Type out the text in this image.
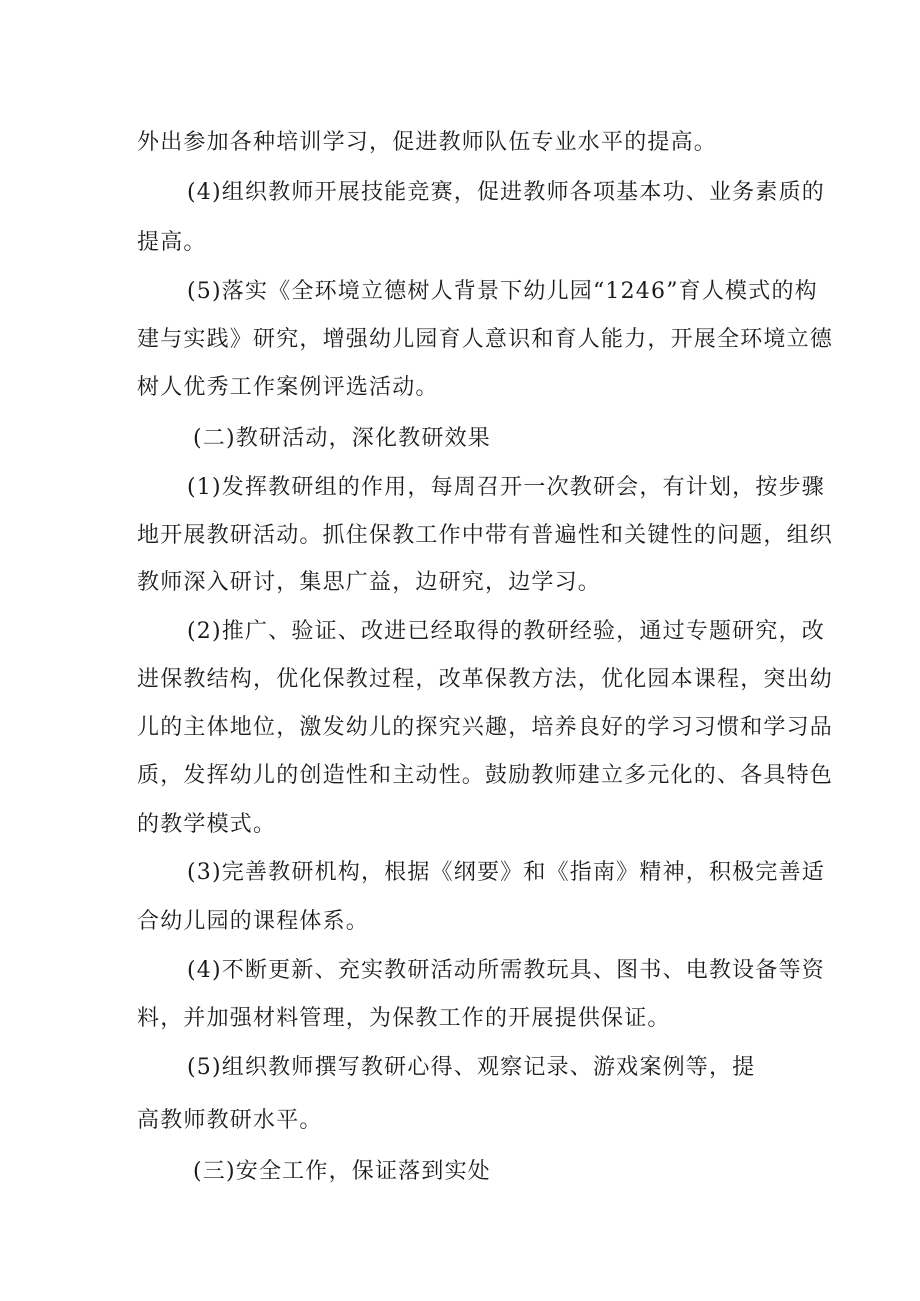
外出参加各种培训学习，促进教师队伍专业水平的提高。
(4)组织教师开展技能竞赛，促进教师各项基本功、业务素质的
提高。
(5)落实《全环境立德树人背景下幼儿园“1246”育人模式的构
建与实践》研究，增强幼儿园育人意识和育人能力，开展全环境立德
树人优秀工作案例评选活动。
(二)教研活动，深化教研效果
(1)发挥教研组的作用，每周召开一次教研会，有计划，按步骤
地开展教研活动。抓住保教工作中带有普遍性和关键性的问题，组织
教师深入研讨，集思广益，边研究，边学习。
(2)推广、验证、改进已经取得的教研经验，通过专题研究，改
进保教结构，优化保教过程，改革保教方法，优化园本课程，突出幼
儿的主体地位，激发幼儿的探究兴趣，培养良好的学习习惯和学习品
质，发挥幼儿的创造性和主动性。鼓励教师建立多元化的、各具特色
的教学模式。
(3)完善教研机构，根据《纲要》和《指南》精神，积极完善适
合幼儿园的课程体系。
(4)不断更新、充实教研活动所需教玩具、图书、电教设备等资
料，并加强材料管理，为保教工作的开展提供保证。
(5)组织教师撰写教研心得、观察记录、游戏案例等，提
高教师教研水平。
(三)安全工作，保证落到实处
